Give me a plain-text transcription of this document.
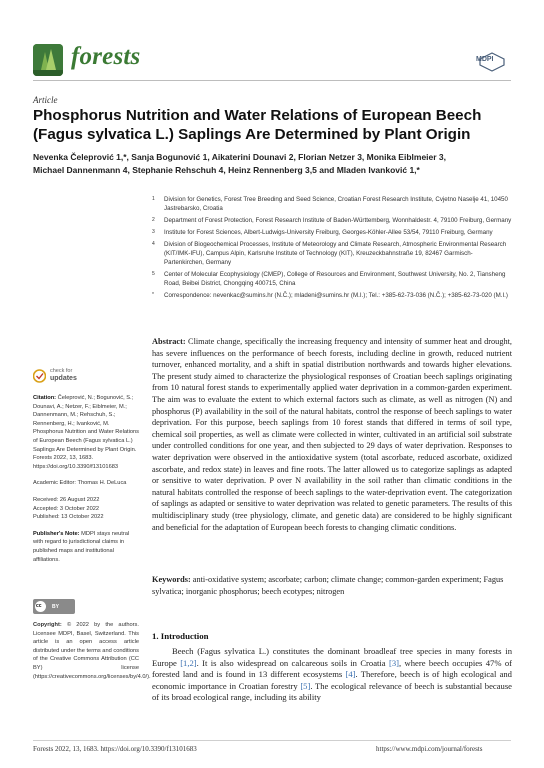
forests	MDPI
Article
Phosphorus Nutrition and Water Relations of European Beech (Fagus sylvatica L.) Saplings Are Determined by Plant Origin
Nevenka Čeleprović 1,*, Sanja Bogunović 1, Aikaterini Dounavi 2, Florian Netzer 3, Monika Eiblmeier 3,
Michael Dannenmann 4, Stephanie Rehschuh 4, Heinz Rennenberg 3,5 and Mladen Ivanković 1,*
1 Division for Genetics, Forest Tree Breeding and Seed Science, Croatian Forest Research Institute, Cvjetno Naselje 41, 10450 Jastrebarsko, Croatia
2 Department of Forest Protection, Forest Research Institute of Baden-Württemberg, Wonnhaldestr. 4, 79100 Freiburg, Germany
3 Institute for Forest Sciences, Albert-Ludwigs-University Freiburg, Georges-Köhler-Allee 53/54, 79110 Freiburg, Germany
4 Division of Biogeochemical Processes, Institute of Meteorology and Climate Research, Atmospheric Environmental Research (KIT/IMK-IFU), Campus Alpin, Karlsruhe Institute of Technology (KIT), Kreuzeckbahnstraße 19, 82467 Garmisch-Partenkirchen, Germany
5 Center of Molecular Ecophysiology (CMEP), College of Resources and Environment, Southwest University, No. 2, Tiansheng Road, Beibei District, Chongqing 400715, China
* Correspondence: nevenkac@sumins.hr (N.Č.); mladeni@sumins.hr (M.I.); Tel.: +385-62-73-036 (N.Č.); +385-62-73-020 (M.I.)
check for
updates

Citation: Čeleprović, N.; Bogunović, S.; Dounavi, A.; Netzer, F.; Eiblmeier, M.; Dannenmann, M.; Rehschuh, S.; Rennenberg, H.; Ivanković, M. Phosphorus Nutrition and Water Relations of European Beech (Fagus sylvatica L.) Saplings Are Determined by Plant Origin. Forests 2022, 13, 1683. https://doi.org/10.3390/f13101683

Academic Editor: Thomas H. DeLuca

Received: 26 August 2022

Accepted: 3 October 2022

Published: 13 October 2022

Publisher's Note: MDPI stays neutral with regard to jurisdictional claims in published maps and institutional affiliations.

cc BY
Copyright: © 2022 by the authors. Licensee MDPI, Basel, Switzerland. This article is an open access article distributed under the terms and conditions of the Creative Commons Attribution (CC BY) license (https://creativecommons.org/licenses/by/4.0/).
Abstract: Climate change, specifically the increasing frequency and intensity of summer heat and drought, has severe influences on the performance of beech forests, including decline in growth, reduced nutrient turnover, enhanced mortality, and a shift in spatial distribution northwards and towards higher elevations. The present study aimed to characterize the physiological responses of Croatian beech saplings originating from 10 natural forest stands to experimentally applied water deprivation in a common-garden experiment. The aim was to evaluate the extent to which external factors such as climate, as well as nitrogen (N) and phosphorus (P) availability in the soil of the natural habitats, control the response of beech saplings to water deprivation. For this purpose, beech saplings from 10 forest stands that differed in terms of soil type, chemical soil properties, as well as climate were collected in winter, cultivated in an artificial soil substrate under controlled conditions for one year, and then subjected to 29 days of water deprivation. Responses to water deprivation were observed in the antioxidative system (total ascorbate, reduced ascorbate, oxidized ascorbate, and redox state) in leaves and fine roots. The latter allowed us to categorize saplings as adapted or sensitive to water deprivation. P over N availability in the soil rather than climatic conditions in the natural habitats controlled the response of beech saplings to the water-deprivation event. The categorization of saplings as adapted or sensitive to water deprivation was related to genetic parameters. The results of this multidisciplinary study (tree physiology, climate, and genetic data) are considered to be highly significant and beneficial for the adaptation of European beech forests to changing climatic conditions.
Keywords: anti-oxidative system; ascorbate; carbon; climate change; common-garden experiment; Fagus sylvatica; inorganic phosphorus; beech ecotypes; nitrogen
1. Introduction
Beech (Fagus sylvatica L.) constitutes the dominant broadleaf tree species in many forests in Europe [1,2]. It is also widespread on calcareous soils in Croatia [3], where beech occupies 47% of forested land and is found in 13 different ecosystems [4]. Therefore, beech is of high ecological and economic importance in Croatian forestry [5]. The ecological relevance of beech is substantial because of its broad ecological range, including its ability
Forests 2022, 13, 1683. https://doi.org/10.3390/f13101683	https://www.mdpi.com/journal/forests
